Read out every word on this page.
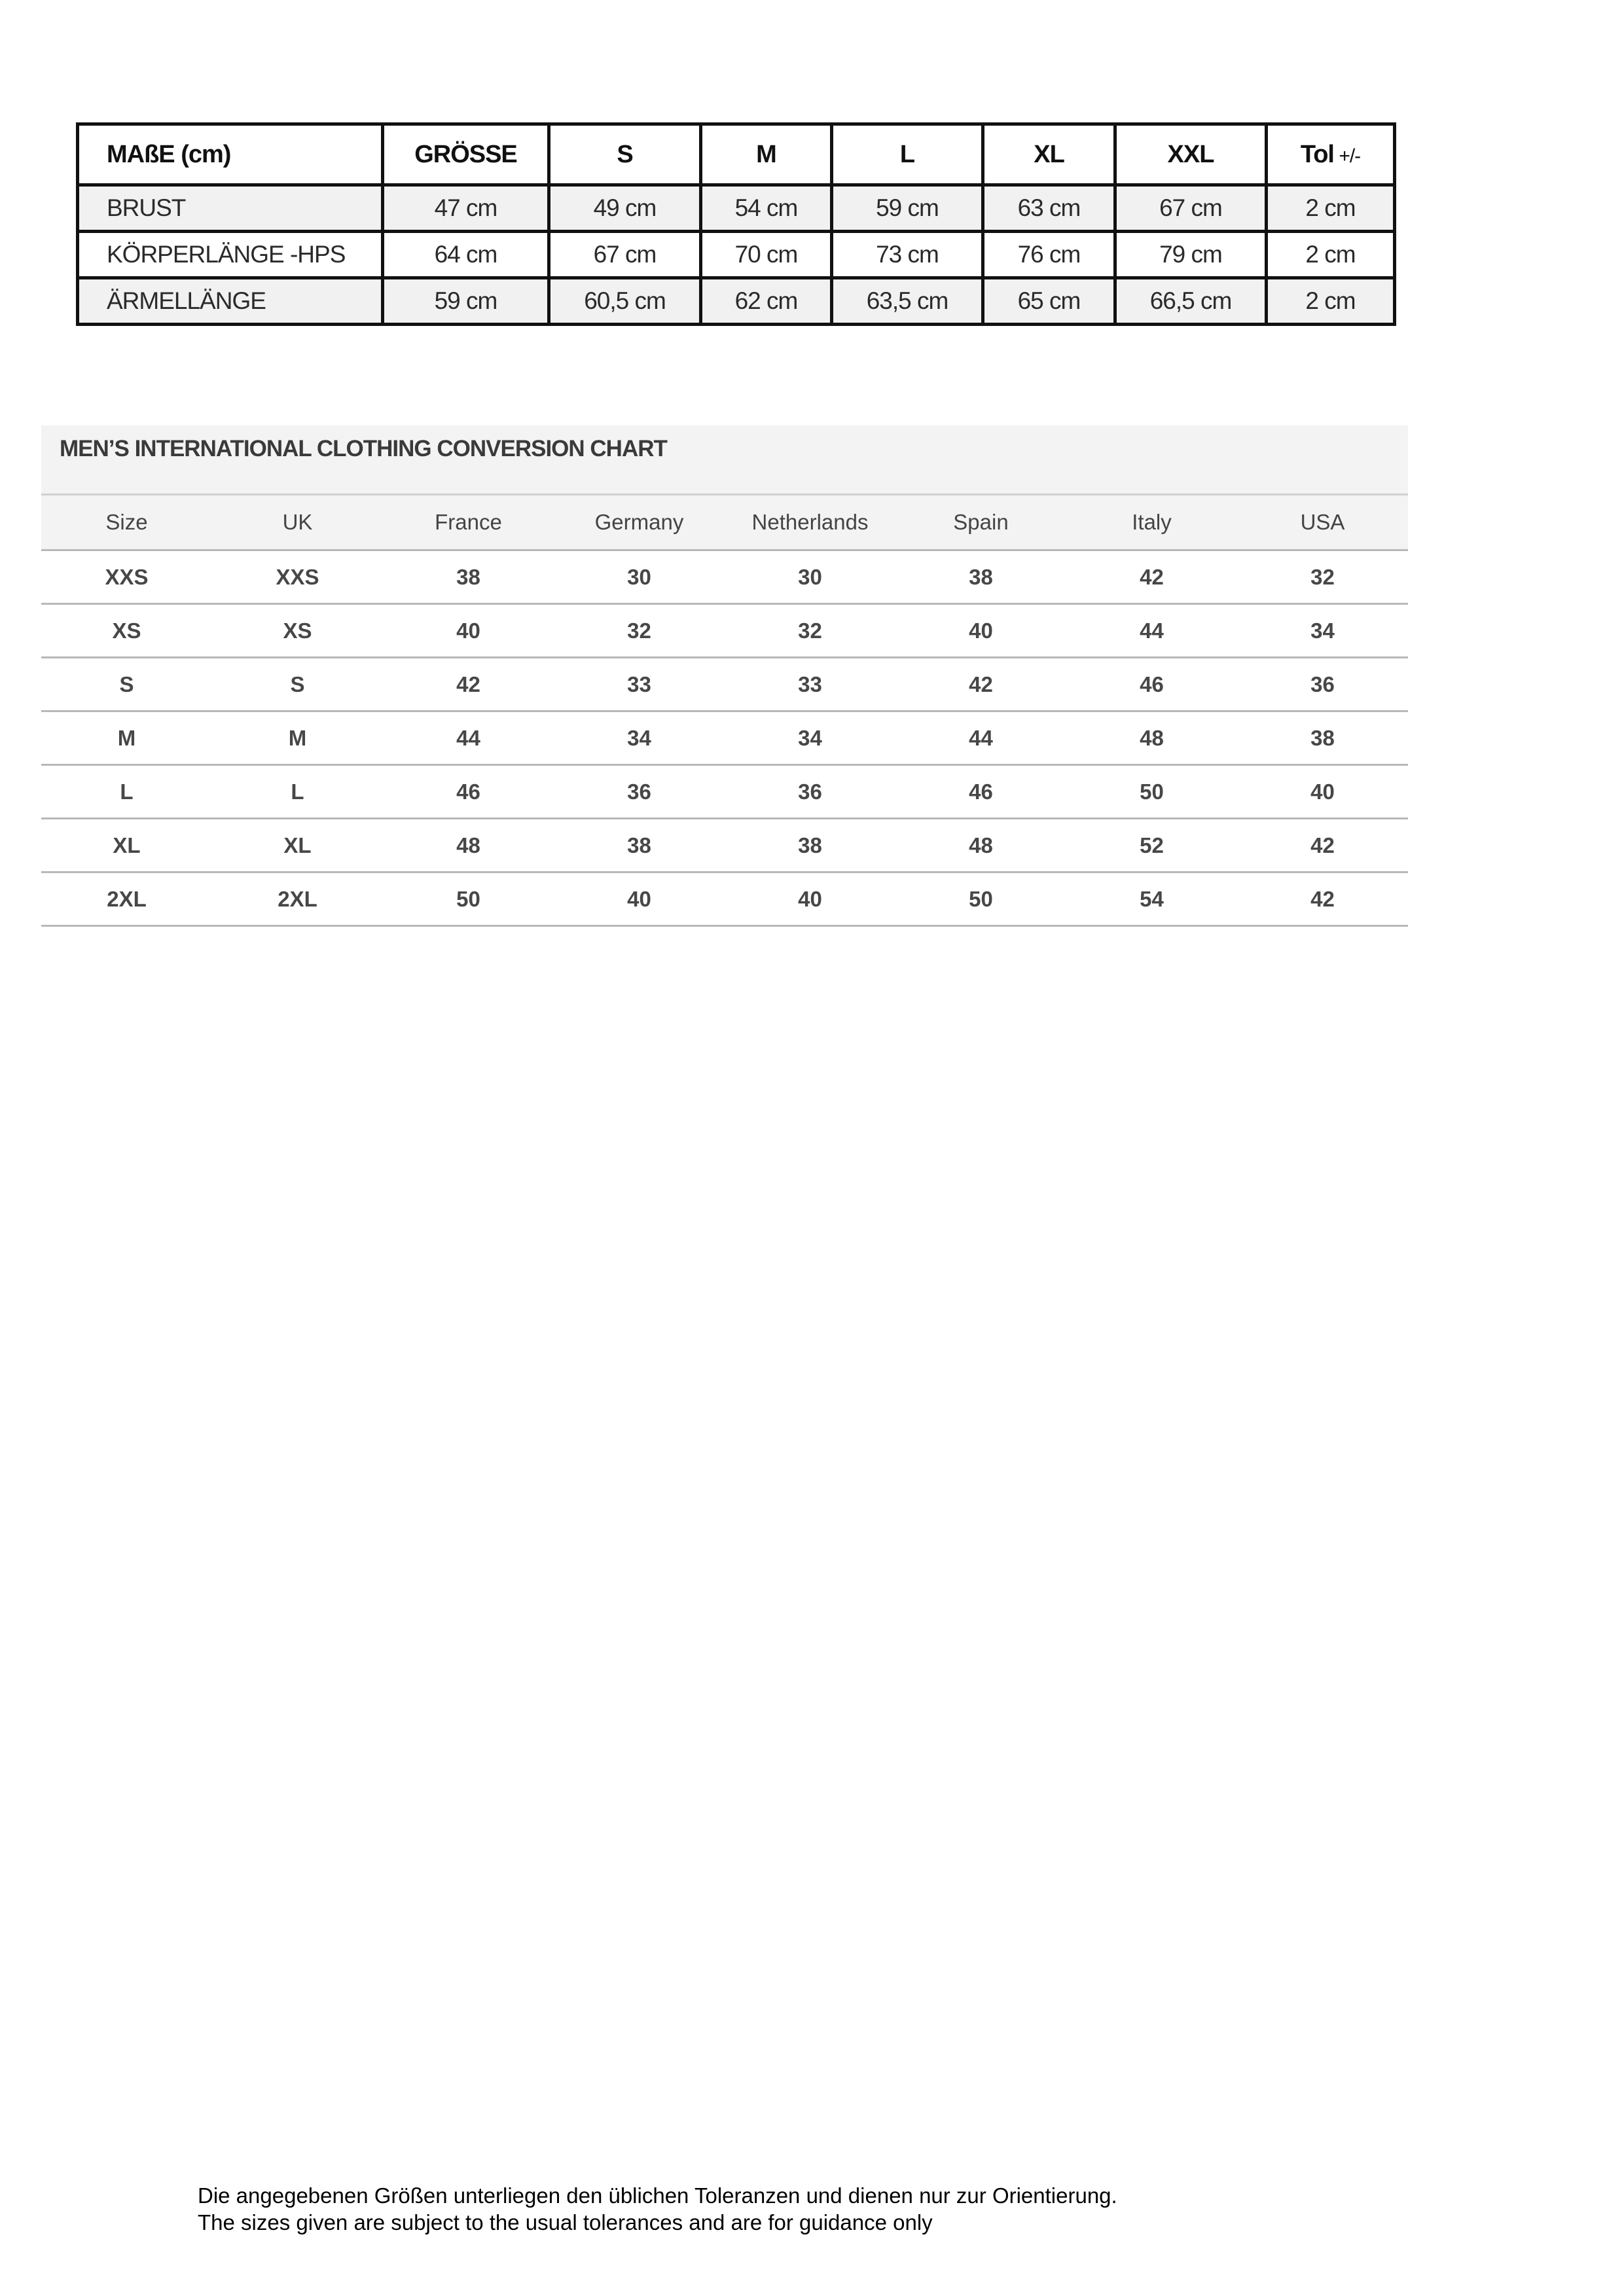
MAßE (cm)	GRÖSSE	S	M	L	XL	XXL	Tol +/-
BRUST	47 cm	49 cm	54 cm	59 cm	63 cm	67 cm	2 cm
KÖRPERLÄNGE -HPS	64 cm	67 cm	70 cm	73 cm	76 cm	79 cm	2 cm
ÄRMELLÄNGE	59 cm	60,5 cm	62 cm	63,5 cm	65 cm	66,5 cm	2 cm
MEN’S INTERNATIONAL CLOTHING CONVERSION CHART
Size	UK	France	Germany	Netherlands	Spain	Italy	USA
XXS	XXS	38	30	30	38	42	32
XS	XS	40	32	32	40	44	34
S	S	42	33	33	42	46	36
M	M	44	34	34	44	48	38
L	L	46	36	36	46	50	40
XL	XL	48	38	38	48	52	42
2XL	2XL	50	40	40	50	54	42
Die angegebenen Größen unterliegen den üblichen Toleranzen und dienen nur zur Orientierung.
The sizes given are subject to the usual tolerances and are for guidance only
